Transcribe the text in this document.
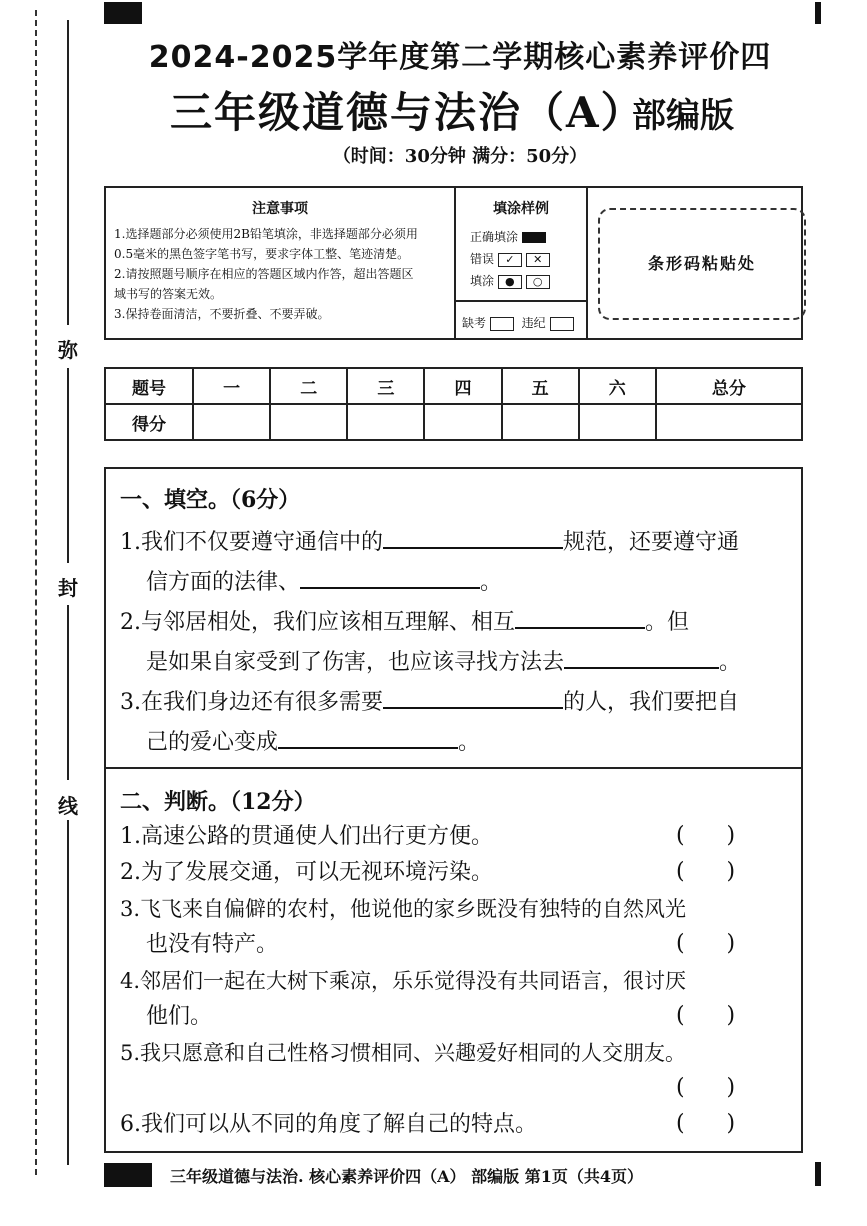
弥
封
线
2024-2025学年度第二学期核心素养评价四
三年级道德与法治（A）
部编版
（时间：30分钟 满分：50分）
注意事项
1.选择题部分必须使用2B铅笔填涂，非选择题部分必须用
0.5毫米的黑色签字笔书写，要求字体工整、笔迹清楚。
2.请按照题号顺序在相应的答题区域内作答，超出答题区
域书写的答案无效。
3.保持卷面清洁，不要折叠、不要弄破。
填涂样例
正确填涂
错误 ✓ ✕
填涂 ● ○
缺考	违纪
条形码粘贴处
题号	一	二	三	四	五	六	总分
得分							
一、填空。（6分）
1.我们不仅要遵守通信中的	规范，还要遵守通
信方面的法律、	。
2.与邻居相处，我们应该相互理解、相互	。但
是如果自家受到了伤害，也应该寻找方法去	。
3.在我们身边还有很多需要	的人，我们要把自
己的爱心变成	。
二、判断。（12分）
1.高速公路的贯通使人们出行更方便。	(      )
2.为了发展交通，可以无视环境污染。	(      )
3.飞飞来自偏僻的农村，他说他的家乡既没有独特的自然风光
也没有特产。	(      )
4.邻居们一起在大树下乘凉，乐乐觉得没有共同语言，很讨厌
他们。	(      )
5.我只愿意和自己性格习惯相同、兴趣爱好相同的人交朋友。
(      )
6.我们可以从不同的角度了解自己的特点。	(      )
三年级道德与法治. 核心素养评价四（A） 部编版 第1页（共4页）
